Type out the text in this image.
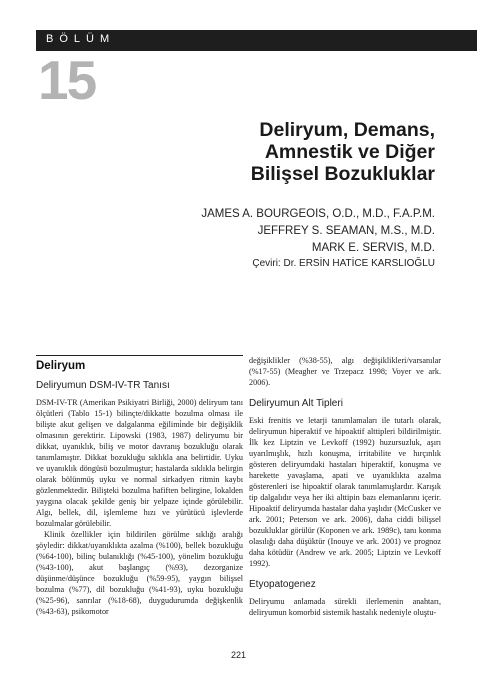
BÖLÜM
15
Deliryum, Demans,
Amnestik ve Diğer
Bilişsel Bozukluklar
JAMES A. BOURGEOIS, O.D., M.D., F.A.P.M.
JEFFREY S. SEAMAN, M.S., M.D.
MARK E. SERVIS, M.D.
Çeviri: Dr. ERSİN HATİCE KARSLIOĞLU
Deliryum
Deliryumun DSM-IV-TR Tanısı

DSM-IV-TR (Amerikan Psikiyatri Birliği, 2000) deliryum tanı ölçütleri (Tablo 15-1) bilinçte/dikkatte bozulma olması ile bilişte akut gelişen ve dalgalanma eğilimi̇nde bir değişiklik olmasının gerektirir. Lipowski (1983, 1987) deliryumu bir dikkat, uyanıklık, biliş ve motor davranış bozukluğu olarak tanımlamıştır. Dikkat bozukluğu sıklıkla ana belirtidir. Uyku ve uyanıklık döngüsü bozulmuştur; hastalarda sıklıkla belirgin olarak bölünmüş uyku ve normal sirkadyen ritmin kaybı gözlenmektedir. Bilişteki bozulma hafiften belirgine, lokalden yaygına olacak şekilde geniş bir yelpaze içinde görülebilir. Algı, bellek, dil, işlemleme hızı ve yürütücü işlevlerde bozulmalar görülebilir.

Klinik özellikler için bildirilen görülme sıklığı aralığı şöyledir: dikkat/uyanıklıkta azalma (%100), bellek bozukluğu (%64-100), bilinç bulanıklığı (%45-100), yönelim bozukluğu (%43-100), akut başlangıç (%93), dezorganize düşünme/düşünce bozukluğu (%59-95), yaygın bilişsel bozulma (%77), dil bozukluğu (%41-93), uyku bozukluğu (%25-96), sanrılar (%18-68), duygudurumda değişkenlik (%43-63), psikomotor

değişiklikler (%38-55), algı değişiklikleri/varsanılar (%17-55) (Meagher ve Trzepacz 1998; Voyer ve ark. 2006).

Deliryumun Alt Tipleri

Eski frenitis ve letarji tanımlamaları ile tutarlı olarak, deliryumun hiperaktif ve hipoaktif alttipleri bildirilmiştir. İlk kez Liptzin ve Levkoff (1992) huzursuzluk, aşırı uyarılmışlık, hızlı konuşma, irritabilite ve hırçınlık gösteren deliryumdaki hastaları hiperaktif, konuşma ve harekette yavaşlama, apati ve uyanıklıkta azalma gösterenleri ise hipoaktif olarak tanımlamışlardır. Karışık tip dalgalıdır veya her iki alttipin bazı elemanlarını içerir. Hipoaktif deliryumda hastalar daha yaşlıdır (McCusker ve ark. 2001; Peterson ve ark. 2006), daha ciddi bilişsel bozukluklar görülür (Koponen ve ark. 1989c), tanı konma olasılığı daha düşüktür (Inouye ve ark. 2001) ve prognoz daha kötüdür (Andrew ve ark. 2005; Liptzin ve Levkoff 1992).

Etyopatogenez

Deliryumu anlamada sürekli ilerlemenin anahtarı, deliryumun komorbid sistemik hastalık nedeniyle oluştu-

221
